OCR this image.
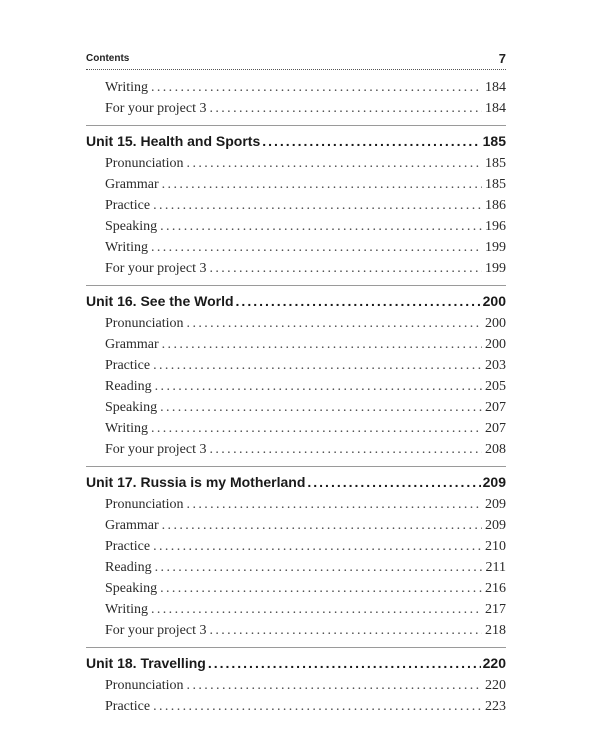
Contents	7
Writing .....	184
For your project 3 .....	184
Unit 15. Health and Sports .....	185
Pronunciation .....	185
Grammar .....	185
Practice .....	186
Speaking .....	196
Writing .....	199
For your project 3 .....	199
Unit 16. See the World .....	200
Pronunciation .....	200
Grammar .....	200
Practice .....	203
Reading .....	205
Speaking .....	207
Writing .....	207
For your project 3 .....	208
Unit 17. Russia is my Motherland .....	209
Pronunciation .....	209
Grammar .....	209
Practice .....	210
Reading .....	211
Speaking .....	216
Writing .....	217
For your project 3 .....	218
Unit 18. Travelling .....	220
Pronunciation .....	220
Practice .....	223
